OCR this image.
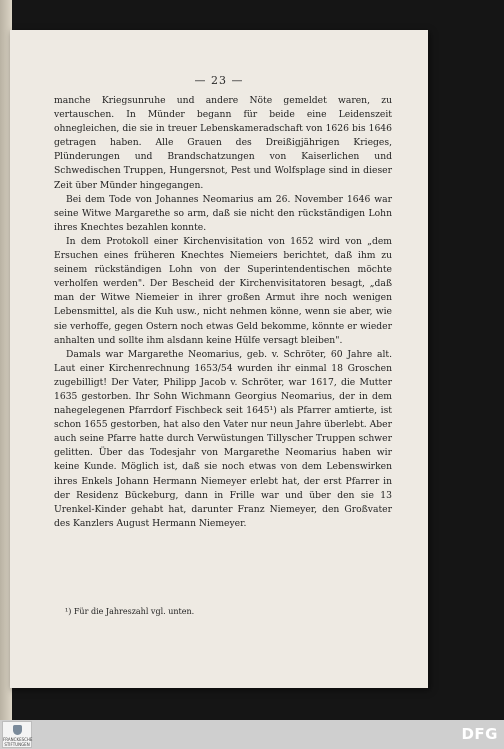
— 23 —

manche Kriegsunruhe und andere Nöte gemeldet waren, zu vertauschen. In Münder begann für beide eine Leidenszeit ohnegleichen, die sie in treuer Lebenskameradschaft von 1626 bis 1646 getragen haben. Alle Grauen des Dreißigjährigen Krieges, Plünderungen und Brandschatzungen von Kaiserlichen und Schwedischen Truppen, Hungersnot, Pest und Wolfsplage sind in dieser Zeit über Münder hingegangen.

Bei dem Tode von Johannes Neomarius am 26. November 1646 war seine Witwe Margarethe so arm, daß sie nicht den rückständigen Lohn ihres Knechtes bezahlen konnte.

In dem Protokoll einer Kirchenvisitation von 1652 wird von „dem Ersuchen eines früheren Knechtes Niemeiers berichtet, daß ihm zu seinem rückständigen Lohn von der Superintendentischen möchte verholfen werden". Der Bescheid der Kirchenvisitatoren besagt, „daß man der Witwe Niemeier in ihrer großen Armut ihre noch wenigen Lebensmittel, als die Kuh usw., nicht nehmen könne, wenn sie aber, wie sie verhoffe, gegen Ostern noch etwas Geld bekomme, könnte er wieder anhalten und sollte ihm alsdann keine Hülfe versagt bleiben".

Damals war Margarethe Neomarius, geb. v. Schröter, 60 Jahre alt. Laut einer Kirchenrechnung 1653/54 wurden ihr einmal 18 Groschen zugebilligt! Der Vater, Philipp Jacob v. Schröter, war 1617, die Mutter 1635 gestorben. Ihr Sohn Wichmann Georgius Neomarius, der in dem nahegelegenen Pfarrdorf Fischbeck seit 1645¹) als Pfarrer amtierte, ist schon 1655 gestorben, hat also den Vater nur neun Jahre überlebt. Aber auch seine Pfarre hatte durch Verwüstungen Tillyscher Truppen schwer gelitten. Über das Todesjahr von Margarethe Neomarius haben wir keine Kunde. Möglich ist, daß sie noch etwas von dem Lebenswirken ihres Enkels Johann Hermann Niemeyer erlebt hat, der erst Pfarrer in der Residenz Bückeburg, dann in Frille war und über den sie 13 Urenkel-Kinder gehabt hat, darunter Franz Niemeyer, den Großvater des Kanzlers August Hermann Niemeyer.

¹) Für die Jahreszahl vgl. unten.
FRANCKESCHE STIFTUNGEN
DFG
